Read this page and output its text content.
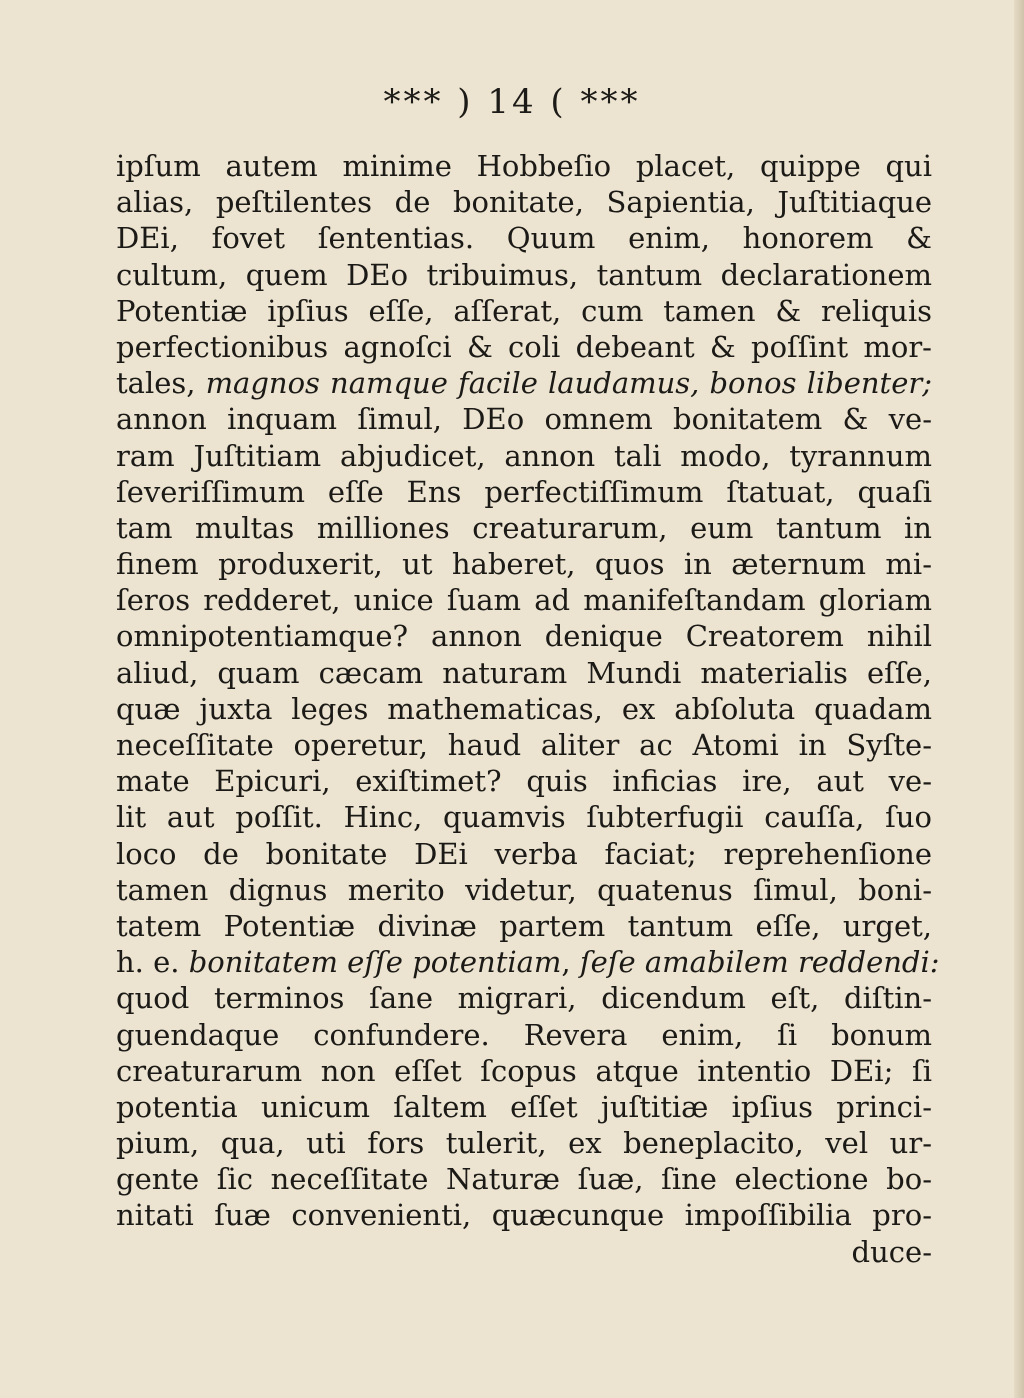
*** ) 14 ( ***
ipſum autem minime Hobbeſio placet, quippe qui
alias, peſtilentes de bonitate, Sapientia, Juſtitiaque
DEi, fovet ſententias. Quum enim, honorem &
cultum, quem DEo tribuimus, tantum declarationem
Potentiæ ipſius eſſe, aſſerat, cum tamen & reliquis
perfectionibus agnoſci & coli debeant & poſſint mor-
tales, magnos namque facile laudamus, bonos libenter;
annon inquam ſimul, DEo omnem bonitatem & ve-
ram Juſtitiam abjudicet, annon tali modo, tyrannum
ſeveriſſimum eſſe Ens perfectiſſimum ſtatuat, quaſi
tam multas milliones creaturarum, eum tantum in
finem produxerit, ut haberet, quos in æternum mi-
ſeros redderet, unice ſuam ad manifeſtandam gloriam
omnipotentiamque? annon denique Creatorem nihil
aliud, quam cæcam naturam Mundi materialis eſſe,
quæ juxta leges mathematicas, ex abſoluta quadam
neceſſitate operetur, haud aliter ac Atomi in Syſte-
mate Epicuri, exiſtimet? quis inficias ire, aut ve-
lit aut poſſit. Hinc, quamvis ſubterfugii cauſſa, ſuo
loco de bonitate DEi verba faciat; reprehenſione
tamen dignus merito videtur, quatenus ſimul, boni-
tatem Potentiæ divinæ partem tantum eſſe, urget,
h. e. bonitatem eſſe potentiam, ſeſe amabilem reddendi:
quod terminos ſane migrari, dicendum eſt, diſtin-
guendaque confundere. Revera enim, ſi bonum
creaturarum non eſſet ſcopus atque intentio DEi; ſi
potentia unicum ſaltem eſſet juſtitiæ ipſius princi-
pium, qua, uti fors tulerit, ex beneplacito, vel ur-
gente ſic neceſſitate Naturæ ſuæ, ſine electione bo-
nitati ſuæ convenienti, quæcunque impoſſibilia pro-
duce-
